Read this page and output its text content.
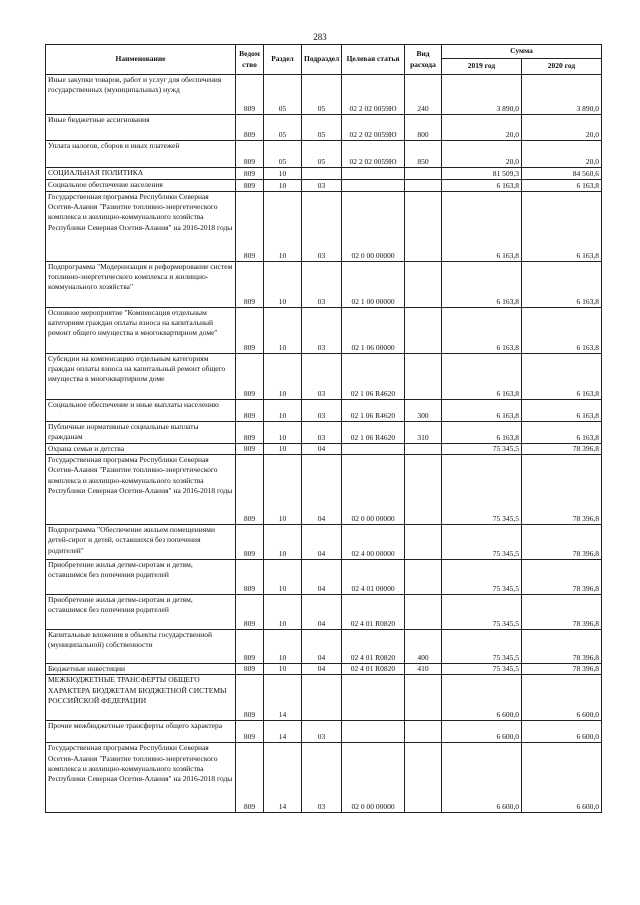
283
Наименование	Ведом ство	Раздел	Подраздел	Целевая статья	Вид расхода	Сумма	
						2019 год	2020 год
Иные закупки товаров, работ и услуг для обеспечения государственных (муниципальных) нужд	809	05	05	02 2 02 0059Ю	240	3 890,0	3 890,0
Иные бюджетные ассигнования	809	05	05	02 2 02 0059Ю	800	20,0	20,0
Уплата налогов, сборов и иных платежей	809	05	05	02 2 02 0059Ю	850	20,0	20,0
СОЦИАЛЬНАЯ ПОЛИТИКА	809	10				81 509,3	84 560,6
Социальное обеспечение населения	809	10	03			6 163,8	6 163,8
Государственная программа Республики Северная Осетия-Алания "Развитие топливно-энергетического комплекса и жилищно-коммунального хозяйства Республики Северная Осетия-Алания" на 2016-2018 годы	809	10	03	02 0 00 00000		6 163,8	6 163,8
Подпрограмма "Модернизация и реформирование систем топливно-энергетического комплекса и жилищно-коммунального хозяйства"	809	10	03	02 1 00 00000		6 163,8	6 163,8
Основное мероприятие "Компенсация отдельным категориям граждан оплаты взноса на капитальный ремонт общего имущества в многоквартирном доме"	809	10	03	02 1 06 00000		6 163,8	6 163,8
Субсидии на компенсацию отдельным категориям граждан оплаты взноса на капитальный ремонт общего имущества в многоквартирном доме	809	10	03	02 1 06 R4620		6 163,8	6 163,8
Социальное обеспечение и иные выплаты населению	809	10	03	02 1 06 R4620	300	6 163,8	6 163,8
Публичные нормативные социальные выплаты гражданам	809	10	03	02 1 06 R4620	310	6 163,8	6 163,8
Охрана семьи и детства	809	10	04			75 345,5	78 396,8
Государственная программа Республики Северная Осетия-Алания "Развитие топливно-энергетического комплекса и жилищно-коммунального хозяйства Республики Северная Осетия-Алания" на 2016-2018 годы	809	10	04	02 0 00 00000		75 345,5	78 396,8
Подпрограмма "Обеспечение жильем помещениями детей-сирот и детей, оставшихся без попечения родителей"	809	10	04	02 4 00 00000		75 345,5	78 396,8
Приобретение жилья детям-сиротам и детям, оставшимся без попечения родителей	809	10	04	02 4 01 00000		75 345,5	78 396,8
Приобретение жилья детям-сиротам и детям, оставшимся без попечения родителей	809	10	04	02 4 01 R0820		75 345,5	78 396,8
Капитальные вложения в объекты государственной (муниципальной) собственности	809	10	04	02 4 01 R0820	400	75 345,5	78 396,8
Бюджетные инвестиции	809	10	04	02 4 01 R0820	410	75 345,5	78 396,8
МЕЖБЮДЖЕТНЫЕ ТРАНСФЕРТЫ ОБЩЕГО ХАРАКТЕРА БЮДЖЕТАМ БЮДЖЕТНОЙ СИСТЕМЫ РОССИЙСКОЙ ФЕДЕРАЦИИ	809	14				6 600,0	6 600,0
Прочие межбюджетные трансферты общего характера	809	14	03			6 600,0	6 600,0
Государственная программа Республики Северная Осетия-Алания "Развитие топливно-энергетического комплекса и жилищно-коммунального хозяйства Республики Северная Осетия-Алания" на 2016-2018 годы	809	14	03	02 0 00 00000		6 600,0	6 600,0
